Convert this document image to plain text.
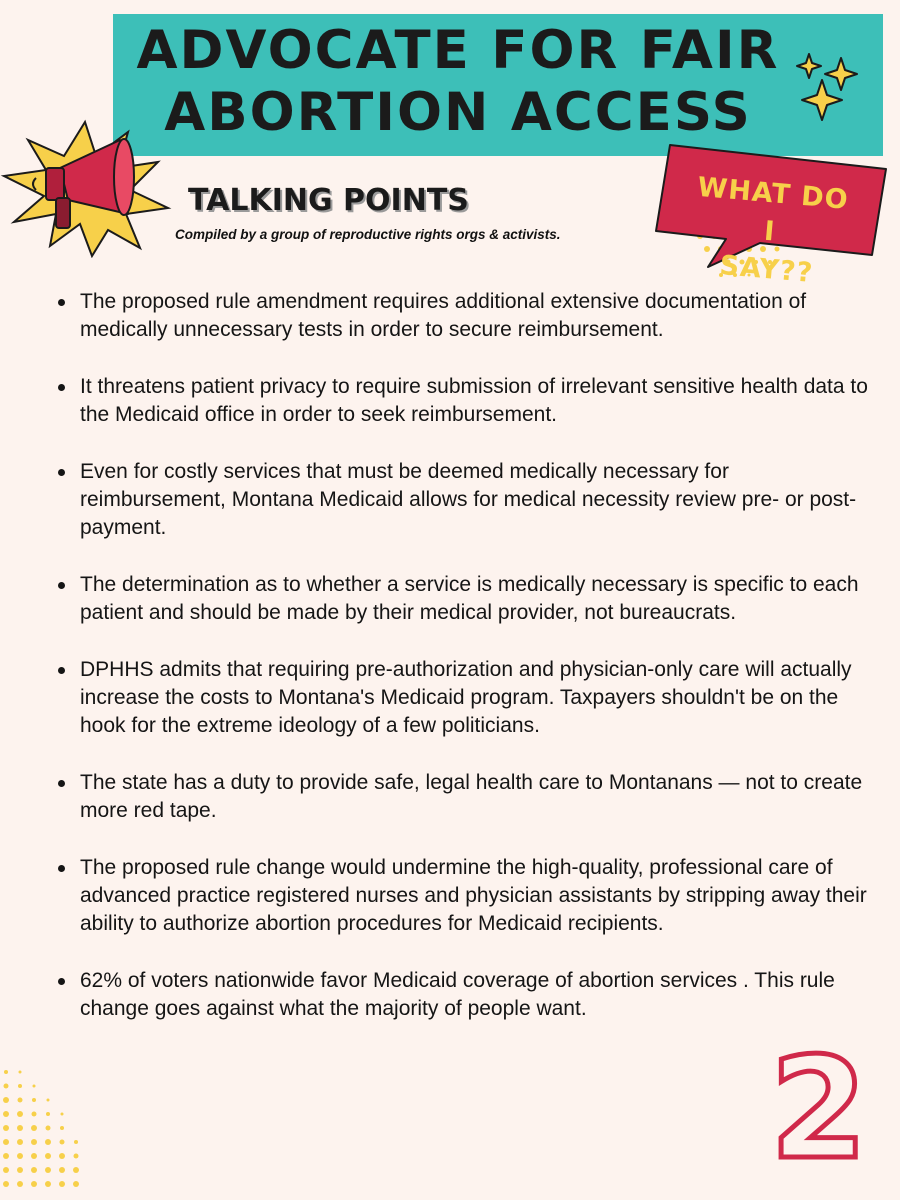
ADVOCATE FOR FAIR
ABORTION ACCESS
TALKING POINTS
Compiled by a group of reproductive rights orgs & activists.
WHAT DO I
SAY??
The proposed rule amendment requires additional extensive documentation of medically unnecessary tests in order to secure reimbursement.
It threatens patient privacy to require submission of irrelevant sensitive health data to the Medicaid office in order to seek reimbursement.
Even for costly services that must be deemed medically necessary for reimbursement, Montana Medicaid allows for medical necessity review pre- or post- payment.
The determination as to whether a service is medically necessary is specific to each patient and should be made by their medical provider, not bureaucrats.
DPHHS admits that requiring pre-authorization and physician-only care will actually increase the costs to Montana's Medicaid program. Taxpayers shouldn't be on the hook for the extreme ideology of a few politicians.
The state has a duty to provide safe, legal health care to Montanans — not to create more red tape.
The proposed rule change would undermine the high-quality, professional care of advanced practice registered nurses and physician assistants by stripping away their ability to authorize abortion procedures for Medicaid recipients.
62% of voters nationwide favor Medicaid coverage of abortion services . This rule change goes against what the majority of people want.
2
